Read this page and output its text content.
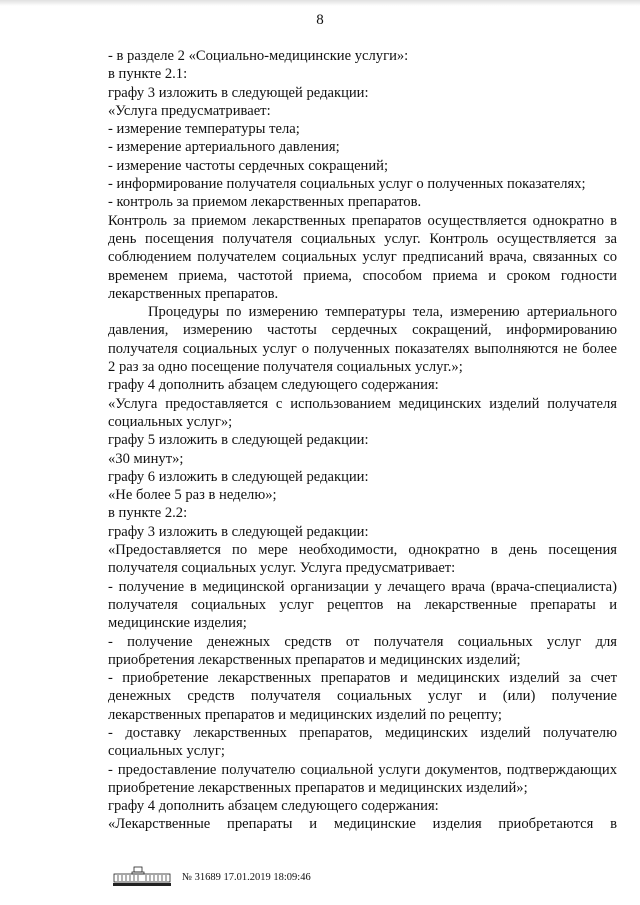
8

- в разделе 2 «Социально-медицинские услуги»:

в пункте 2.1:

графу 3 изложить в следующей редакции:

«Услуга предусматривает:

- измерение температуры тела;

- измерение артериального давления;

- измерение частоты сердечных сокращений;

- информирование получателя социальных услуг о полученных показателях;

- контроль за приемом лекарственных препаратов.

Контроль за приемом лекарственных препаратов осуществляется однократно в день посещения получателя социальных услуг. Контроль осуществляется за соблюдением получателем социальных услуг предписаний врача, связанных со временем приема, частотой приема, способом приема и сроком годности лекарственных препаратов.

Процедуры по измерению температуры тела, измерению артериального давления, измерению частоты сердечных сокращений, информированию получателя социальных услуг о полученных показателях выполняются не более 2 раз за одно посещение получателя социальных услуг.»;

графу 4 дополнить абзацем следующего содержания:

«Услуга предоставляется с использованием медицинских изделий получателя социальных услуг»;

графу 5 изложить в следующей редакции:

«30 минут»;

графу 6 изложить в следующей редакции:

«Не более 5 раз в неделю»;

в пункте 2.2:

графу 3 изложить в следующей редакции:

«Предоставляется по мере необходимости, однократно в день посещения получателя социальных услуг. Услуга предусматривает:

- получение в медицинской организации у лечащего врача (врача-специалиста) получателя социальных услуг рецептов на лекарственные препараты и медицинские изделия;

- получение денежных средств от получателя социальных услуг для приобретения лекарственных препаратов и медицинских изделий;

- приобретение лекарственных препаратов и медицинских изделий за счет денежных средств получателя социальных услуг и (или) получение лекарственных препаратов и медицинских изделий по рецепту;

- доставку лекарственных препаратов, медицинских изделий получателю социальных услуг;

- предоставление получателю социальной услуги документов, подтверждающих приобретение лекарственных препаратов и медицинских изделий»;

графу 4 дополнить абзацем следующего содержания:

«Лекарственные препараты и медицинские изделия приобретаются в

№ 31689 17.01.2019 18:09:46
